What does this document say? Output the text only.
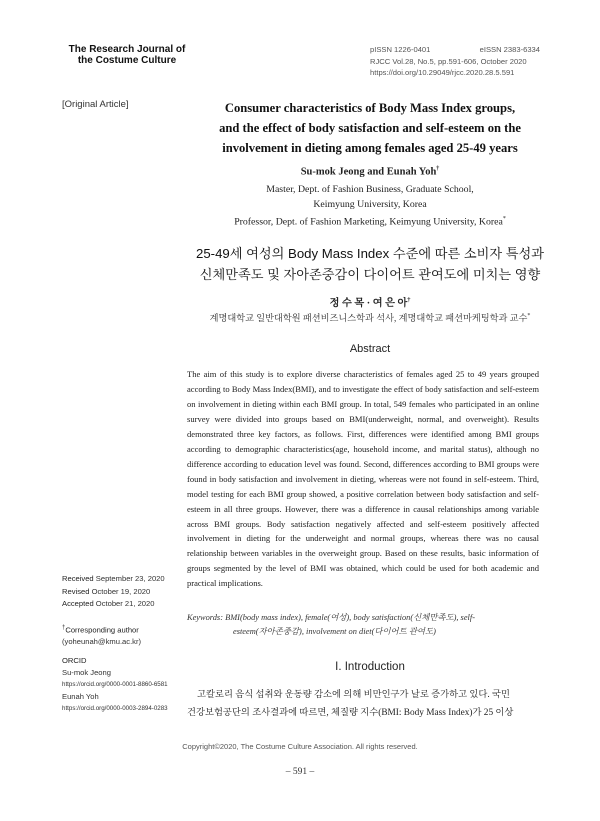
The Research Journal of
the Costume Culture
pISSN 1226-0401	eISSN 2383-6334
RJCC Vol.28, No.5, pp.591-606, October 2020
https://doi.org/10.29049/rjcc.2020.28.5.591
[Original Article]	Consumer characteristics of Body Mass Index groups,
and the effect of body satisfaction and self-esteem on the
involvement in dieting among females aged 25-49 years
Su-mok Jeong and Eunah Yoh†
Master, Dept. of Fashion Business, Graduate School,
Keimyung University, Korea
Professor, Dept. of Fashion Marketing, Keimyung University, Korea*
25-49세 여성의 Body Mass Index 수준에 따른 소비자 특성과
신체만족도 및 자아존중감이 다이어트 관여도에 미치는 영향
정 수 목 · 여 은 아†
계명대학교 일반대학원 패션비즈니스학과 석사, 계명대학교 패션마케팅학과 교수*
Abstract
The aim of this study is to explore diverse characteristics of females aged 25 to 49 years grouped according to Body Mass Index(BMI), and to investigate the effect of body satisfaction and self-esteem on involvement in dieting within each BMI group. In total, 549 females who participated in an online survey were divided into groups based on BMI(underweight, normal, and overweight). Results demonstrated three key factors, as follows. First, differences were identified among BMI groups according to demographic characteristics(age, household income, and marital status), although no difference according to education level was found. Second, differences according to BMI groups were found in body satisfaction and involvement in dieting, whereas were not found in self-esteem. Third, model testing for each BMI group showed, a positive correlation between body satisfaction and self-esteem in all three groups. However, there was a difference in causal relationships among variable across BMI groups. Body satisfaction negatively affected and self-esteem positively affected involvement in dieting for the underweight and normal groups, whereas there was no causal relationship between variables in the overweight group. Based on these results, basic information of groups segmented by the level of BMI was obtained, which could be used for both academic and practical implications.
Keywords: BMI(body mass index), female(여성), body satisfaction(신체만족도), self-
esteem(자아존중감), involvement on diet(다이어트 관여도)
Received September 23, 2020
Revised October 19, 2020
Accepted October 21, 2020
†Corresponding author
(yoheunah@kmu.ac.kr)
ORCID
Su-mok Jeong
https://orcid.org/0000-0001-8860-6581
Eunah Yoh
https://orcid.org/0000-0003-2894-0283
I. Introduction
고칼로리 음식 섭취와 운동량 감소에 의해 비만인구가 날로 증가하고 있다. 국민
건강보험공단의 조사결과에 따르면, 체질량 지수(BMI: Body Mass Index)가 25 이상
Copyright©2020, The Costume Culture Association. All rights reserved.
– 591 –
